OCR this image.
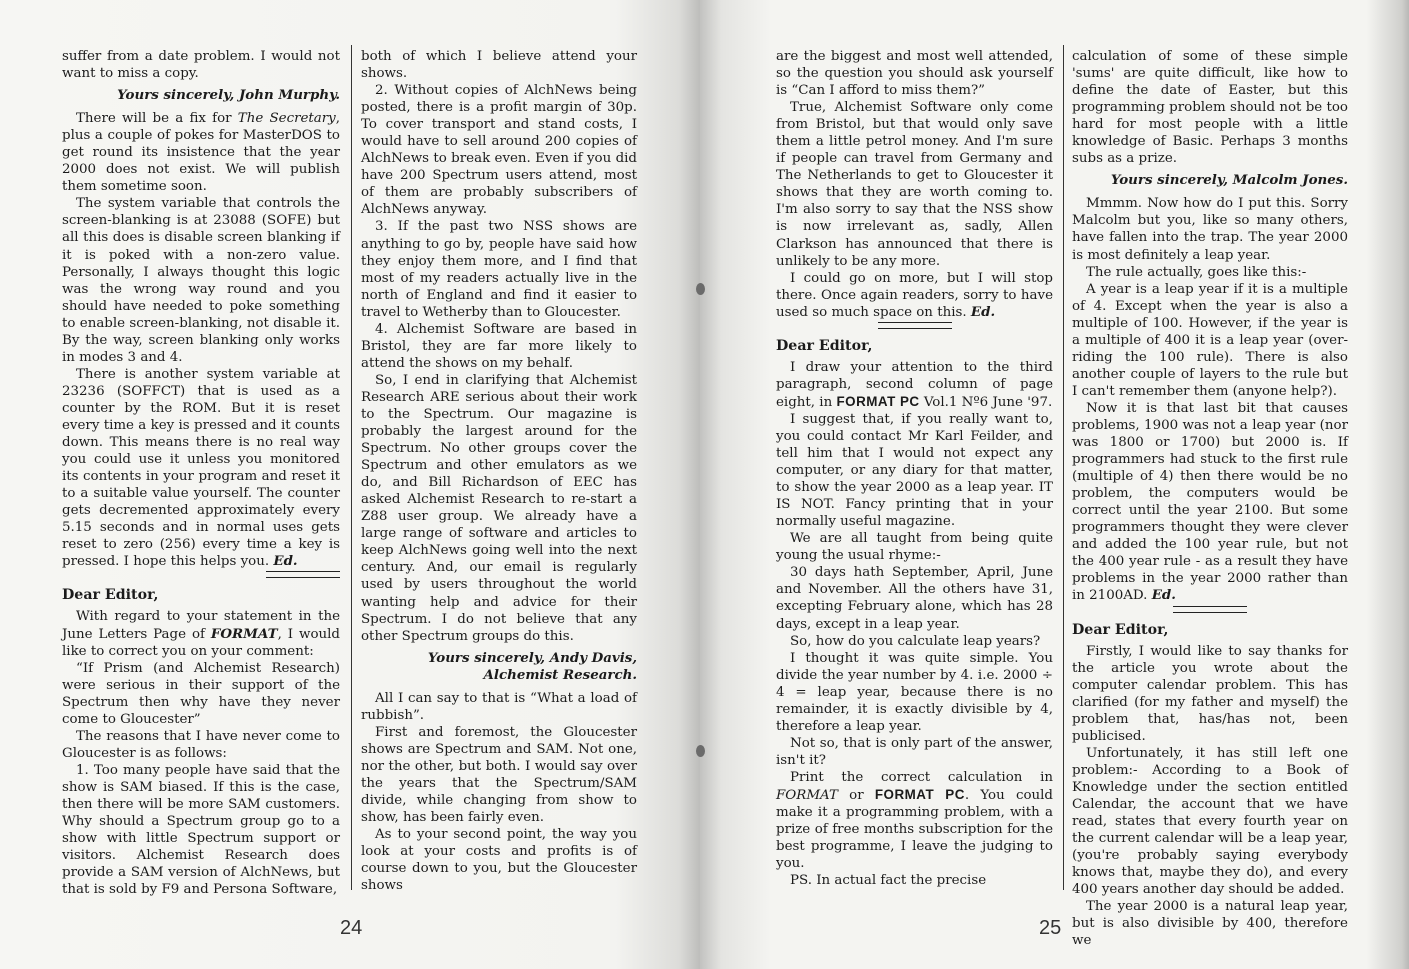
suffer from a date problem. I would not want to miss a copy.

Yours sincerely, John Murphy.

There will be a fix for The Secretary, plus a couple of pokes for MasterDOS to get round its insistence that the year 2000 does not exist. We will publish them sometime soon.

The system variable that controls the screen-blanking is at 23088 (SOFE) but all this does is disable screen blanking if it is poked with a non-zero value. Personally, I always thought this logic was the wrong way round and you should have needed to poke something to enable screen-blanking, not disable it. By the way, screen blanking only works in modes 3 and 4.

There is another system variable at 23236 (SOFFCT) that is used as a counter by the ROM. But it is reset every time a key is pressed and it counts down. This means there is no real way you could use it unless you monitored its contents in your program and reset it to a suitable value yourself. The counter gets decremented approximately every 5.15 seconds and in normal uses gets reset to zero (256) every time a key is pressed. I hope this helps you. Ed.

Dear Editor,

With regard to your statement in the June Letters Page of FORMAT, I would like to correct you on your comment:

“If Prism (and Alchemist Research) were serious in their support of the Spectrum then why have they never come to Gloucester”

The reasons that I have never come to Gloucester is as follows:

1. Too many people have said that the show is SAM biased. If this is the case, then there will be more SAM customers. Why should a Spectrum group go to a show with little Spectrum support or visitors. Alchemist Research does provide a SAM version of AlchNews, but that is sold by F9 and Persona Software,

both of which I believe attend your shows.

2. Without copies of AlchNews being posted, there is a profit margin of 30p. To cover transport and stand costs, I would have to sell around 200 copies of AlchNews to break even. Even if you did have 200 Spectrum users attend, most of them are probably subscribers of AlchNews anyway.

3. If the past two NSS shows are anything to go by, people have said how they enjoy them more, and I find that most of my readers actually live in the north of England and find it easier to travel to Wetherby than to Gloucester.

4. Alchemist Software are based in Bristol, they are far more likely to attend the shows on my behalf.

So, I end in clarifying that Alchemist Research ARE serious about their work to the Spectrum. Our magazine is probably the largest around for the Spectrum. No other groups cover the Spectrum and other emulators as we do, and Bill Richardson of EEC has asked Alchemist Research to re-start a Z88 user group. We already have a large range of software and articles to keep AlchNews going well into the next century. And, our email is regularly used by users throughout the world wanting help and advice for their Spectrum. I do not believe that any other Spectrum groups do this.

Yours sincerely, Andy Davis,

Alchemist Research.

All I can say to that is “What a load of rubbish”.

First and foremost, the Gloucester shows are Spectrum and SAM. Not one, nor the other, but both. I would say over the years that the Spectrum/SAM divide, while changing from show to show, has been fairly even.

As to your second point, the way you look at your costs and profits is of course down to you, but the Gloucester shows

24

are the biggest and most well attended, so the question you should ask yourself is “Can I afford to miss them?”

True, Alchemist Software only come from Bristol, but that would only save them a little petrol money. And I'm sure if people can travel from Germany and The Netherlands to get to Gloucester it shows that they are worth coming to. I'm also sorry to say that the NSS show is now irrelevant as, sadly, Allen Clarkson has announced that there is unlikely to be any more.

I could go on more, but I will stop there. Once again readers, sorry to have used so much space on this. Ed.

Dear Editor,

I draw your attention to the third paragraph, second column of page eight, in FORMAT PC Vol.1 Nº6 June '97.

I suggest that, if you really want to, you could contact Mr Karl Feilder, and tell him that I would not expect any computer, or any diary for that matter, to show the year 2000 as a leap year. IT IS NOT. Fancy printing that in your normally useful magazine.

We are all taught from being quite young the usual rhyme:-

30 days hath September, April, June and November. All the others have 31, excepting February alone, which has 28 days, except in a leap year.

So, how do you calculate leap years?

I thought it was quite simple. You divide the year number by 4. i.e. 2000 ÷ 4 = leap year, because there is no remainder, it is exactly divisible by 4, therefore a leap year.

Not so, that is only part of the answer, isn't it?

Print the correct calculation in FORMAT or FORMAT PC. You could make it a programming problem, with a prize of free months subscription for the best programme, I leave the judging to you.

PS. In actual fact the precise

calculation of some of these simple 'sums' are quite difficult, like how to define the date of Easter, but this programming problem should not be too hard for most people with a little knowledge of Basic. Perhaps 3 months subs as a prize.

Yours sincerely, Malcolm Jones.

Mmmm. Now how do I put this. Sorry Malcolm but you, like so many others, have fallen into the trap. The year 2000 is most definitely a leap year.

The rule actually, goes like this:-

A year is a leap year if it is a multiple of 4. Except when the year is also a multiple of 100. However, if the year is a multiple of 400 it is a leap year (over-riding the 100 rule). There is also another couple of layers to the rule but I can't remember them (anyone help?).

Now it is that last bit that causes problems, 1900 was not a leap year (nor was 1800 or 1700) but 2000 is. If programmers had stuck to the first rule (multiple of 4) then there would be no problem, the computers would be correct until the year 2100. But some programmers thought they were clever and added the 100 year rule, but not the 400 year rule - as a result they have problems in the year 2000 rather than in 2100AD. Ed.

Dear Editor,

Firstly, I would like to say thanks for the article you wrote about the computer calendar problem. This has clarified (for my father and myself) the problem that, has/has not, been publicised.

Unfortunately, it has still left one problem:- According to a Book of Knowledge under the section entitled Calendar, the account that we have read, states that every fourth year on the current calendar will be a leap year, (you're probably saying everybody knows that, maybe they do), and every 400 years another day should be added.

The year 2000 is a natural leap year, but is also divisible by 400, therefore we

25
